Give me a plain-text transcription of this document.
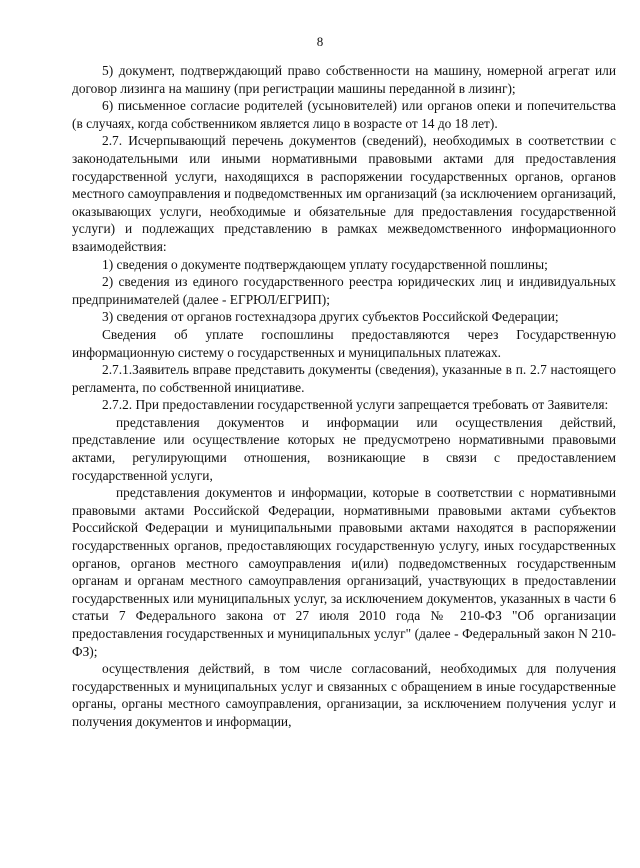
8

5) документ, подтверждающий право собственности на машину, номерной агрегат или договор лизинга на машину (при регистрации машины переданной в лизинг);

6) письменное согласие родителей (усыновителей) или органов опеки и попечительства (в случаях, когда собственником является лицо в возрасте от 14 до 18 лет).

2.7. Исчерпывающий перечень документов (сведений), необходимых в соответствии с законодательными или иными нормативными правовыми актами для предоставления государственной услуги, находящихся в распоряжении государственных органов, органов местного самоуправления и подведомственных им организаций (за исключением организаций, оказывающих услуги, необходимые и обязательные для предоставления государственной услуги) и подлежащих представлению в рамках межведомственного информационного взаимодействия:

1) сведения о документе подтверждающем уплату государственной пошлины;

2) сведения из единого государственного реестра юридических лиц и индивидуальных предпринимателей (далее - ЕГРЮЛ/ЕГРИП);

3) сведения от органов гостехнадзора другиx субъектов Российской Федерации;

Сведения об уплате госпошлины предоставляются через Государственную информационную систему о государственных и муниципальных платежах.

2.7.1.Заявитель вправе представить документы (сведения), указанные в п. 2.7 настоящего регламента, по собственной инициативе.

2.7.2. При предоставлении государственной услуги запрещается требовать от Заявителя:

представления документов и информации или осуществления действий, представление или осуществление которых не предусмотрено нормативными правовыми актами, регулирующими отношения, возникающие в связи с предоставлением государственной услуги,

представления документов и информации, которые в соответствии с нормативными правовыми актами Российской Федерации, нормативными правовыми актами субъектов Российской Федерации и муниципальными правовыми актами находятся в распоряжении государственных органов, предоставляющих государственную услугу, иных государственных органов, органов местного самоуправления и(или) подведомственных государственным органам и органам местного самоуправления организаций, участвующих в предоставлении государственных или муниципальных услуг, за исключением документов, указанных в части 6 статьи 7 Федерального закона от 27 июля 2010 года № 210-ФЗ "Об организации предоставления государственных и муниципальных услуг" (далее - Федеральный закон N 210-ФЗ);

осуществления действий, в том числе согласований, необходимых для получения государственных и муниципальных услуг и связанных с обращением в иные государственные органы, органы местного самоуправления, организации, за исключением получения услуг и получения документов и информации,
